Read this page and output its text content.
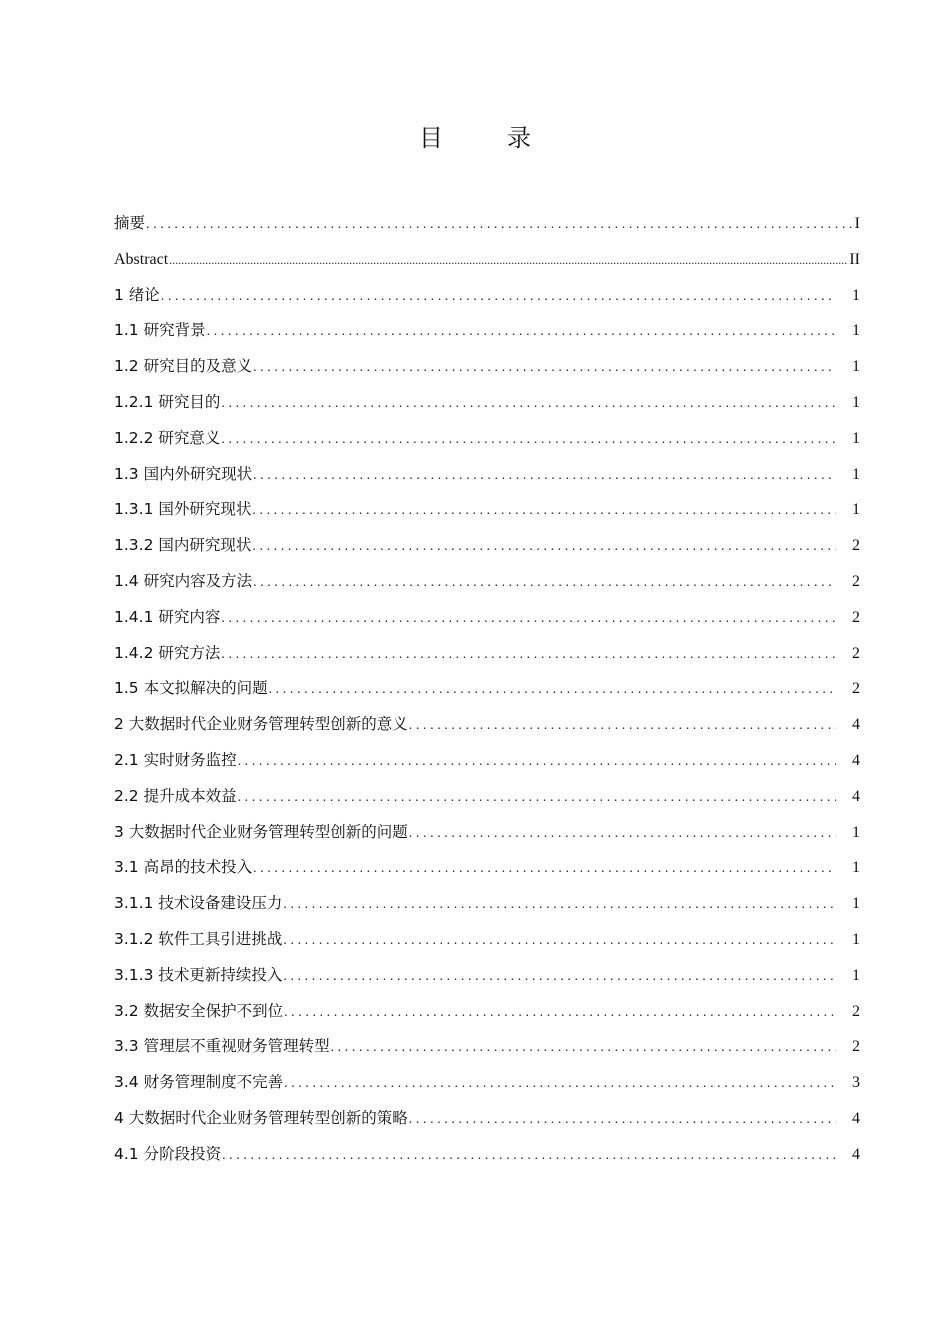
目　录
摘要 .....	I
Abstract .....	II
1 绪论 .....	1
1.1 研究背景 .....	1
1.2 研究目的及意义 .....	1
1.2.1 研究目的 .....	1
1.2.2 研究意义 .....	1
1.3 国内外研究现状 .....	1
1.3.1 国外研究现状 .....	1
1.3.2 国内研究现状 .....	2
1.4 研究内容及方法 .....	2
1.4.1 研究内容 .....	2
1.4.2 研究方法 .....	2
1.5 本文拟解决的问题 .....	2
2 大数据时代企业财务管理转型创新的意义 .....	4
2.1 实时财务监控 .....	4
2.2 提升成本效益 .....	4
3 大数据时代企业财务管理转型创新的问题 .....	1
3.1 高昂的技术投入 .....	1
3.1.1 技术设备建设压力 .....	1
3.1.2 软件工具引进挑战 .....	1
3.1.3 技术更新持续投入 .....	1
3.2 数据安全保护不到位 .....	2
3.3 管理层不重视财务管理转型 .....	2
3.4 财务管理制度不完善 .....	3
4 大数据时代企业财务管理转型创新的策略 .....	4
4.1 分阶段投资 .....	4
